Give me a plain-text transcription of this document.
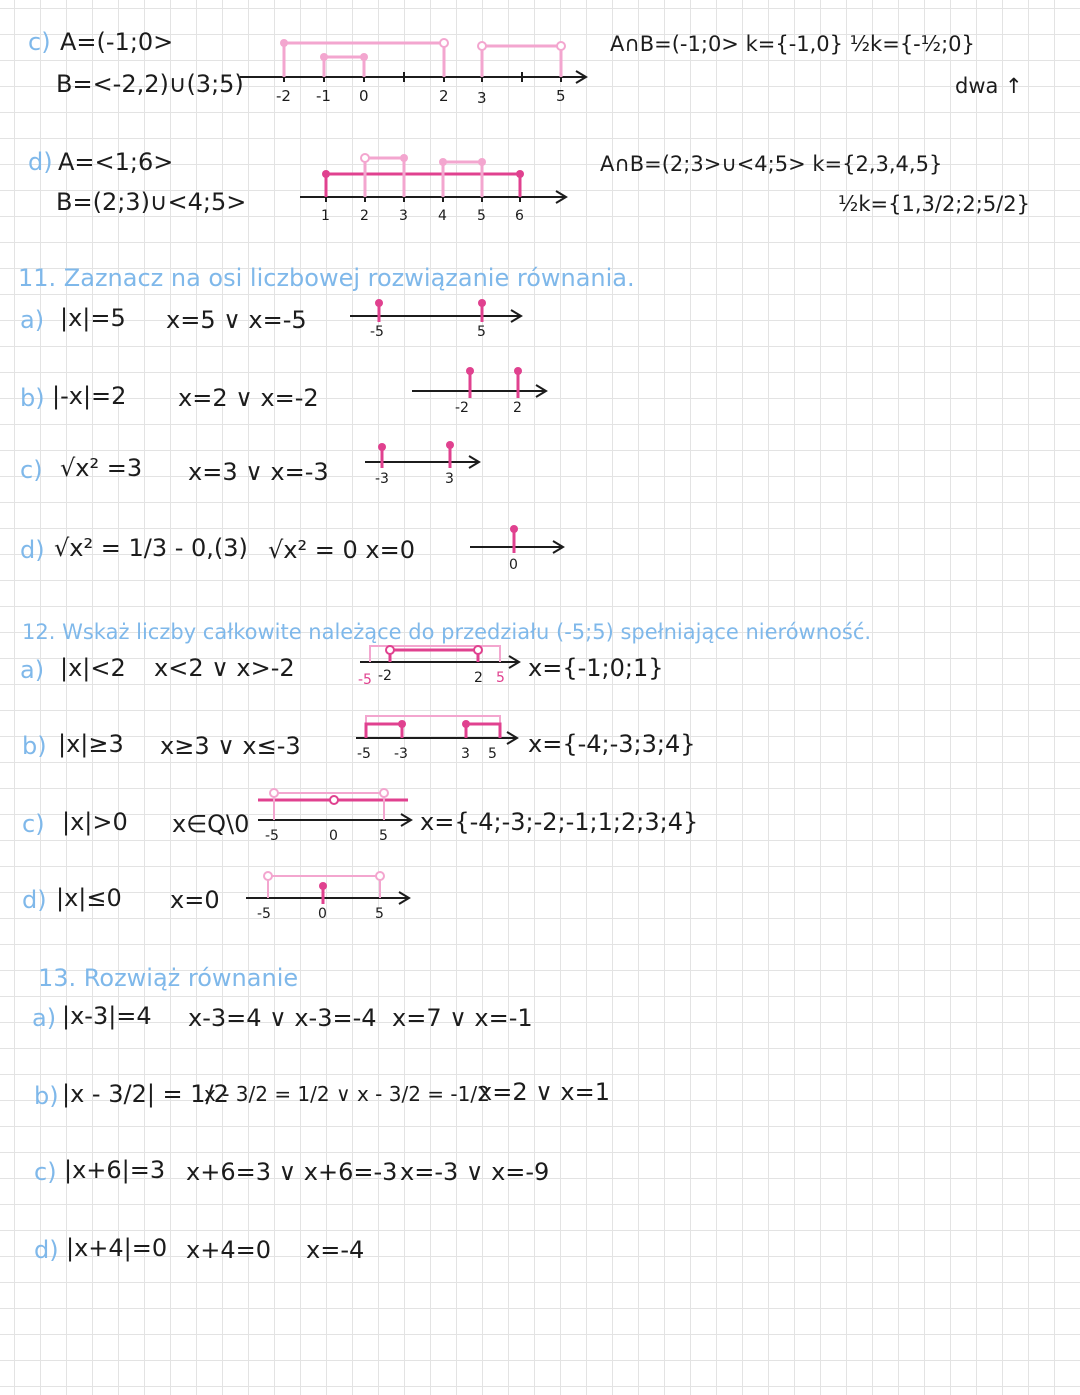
c) A=(-1;0>
B=<-2,2)∪(3;5)
A∩B=(-1;0> k={-1,0} ½k={-½;0}
dwa ↑
-2 -1 0	2 3	5
d) A=<1;6>
B=(2;3)∪<4;5>
A∩B=(2;3>∪<4;5> k={2,3,4,5}
½k={1,3/2;2;5/2}
1 2 3 4 5 6
11. Zaznacz na osi liczbowej rozwiązanie równania.
a) |x|=5 x=5 ∨ x=-5	-5	5
b) |-x|=2 x=2 ∨ x=-2	-2	2
c) √x² =3 x=3 ∨ x=-3	-3	3
d) √x² = 1/3 - 0,(3) √x² = 0 x=0
0
12. Wskaż liczby całkowite należące do przedziału (-5;5) spełniające nierówność.
a) |x|<2 x<2 ∨ x>-2	-5 -2	2 5 x={-1;0;1}
b) |x|≥3 x≥3 ∨ x≤-3	-5 -3	3 5 x={-4;-3;3;4}
c) |x|>0 x∈Q\0 -5	0	5 x={-4;-3;-2;-1;1;2;3;4}
d) |x|≤0 x=0	-5	0	5
13. Rozwiąż równanie
a) |x-3|=4 x-3=4 ∨ x-3=-4 x=7 ∨ x=-1
b) |x - 3/2| = 1/2
x - 3/2 = 1/2 ∨ x - 3/2 = -1/2
x=2 ∨ x=1
c) |x+6|=3 x+6=3 ∨ x+6=-3 x=-3 ∨ x=-9
d) |x+4|=0 x+4=0 x=-4
